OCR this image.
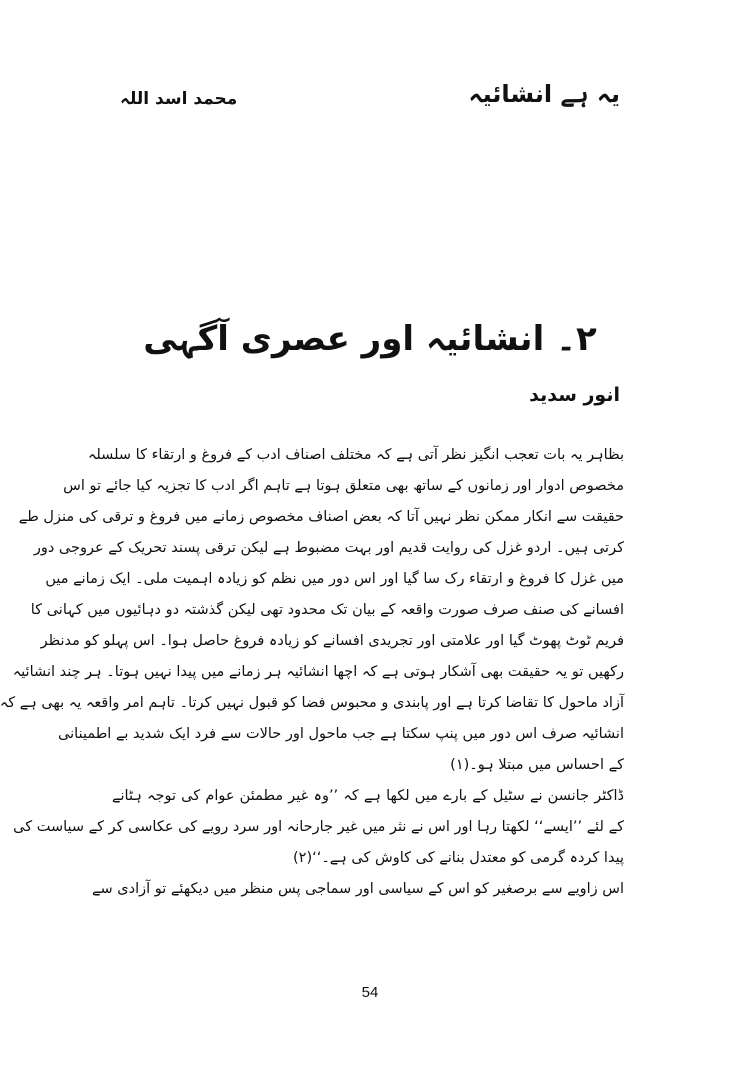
یہ ہے انشائیہ
محمد اسد اللہ
۲۔ انشائیہ اور عصری آگہی
انور سدید
بظاہر یہ بات تعجب انگیز نظر آتی ہے کہ مختلف اصناف ادب کے فروغ و ارتقاء کا سلسلہ
مخصوص ادوار اور زمانوں کے ساتھ بھی متعلق ہوتا ہے تاہم اگر ادب کا تجزیہ کیا جائے تو اس
حقیقت سے انکار ممکن نظر نہیں آتا کہ بعض اصناف مخصوص زمانے میں فروغ و ترقی کی منزل طے
کرتی ہیں۔ اردو غزل کی روایت قدیم اور بہت مضبوط ہے لیکن ترقی پسند تحریک کے عروجی دور
میں غزل کا فروغ و ارتقاء رک سا گیا اور اس دور میں نظم کو زیادہ اہمیت ملی۔ ایک زمانے میں
افسانے کی صنف صرف صورت واقعہ کے بیان تک محدود تھی لیکن گذشتہ دو دہائیوں میں کہانی کا
فریم ٹوٹ پھوٹ گیا اور علامتی اور تجریدی افسانے کو زیادہ فروغ حاصل ہوا۔ اس پہلو کو مدنظر
رکھیں تو یہ حقیقت بھی آشکار ہوتی ہے کہ اچھا انشائیہ ہر زمانے میں پیدا نہیں ہوتا۔ ہر چند انشائیہ
آزاد ماحول کا تقاضا کرتا ہے اور پابندی و محبوس فضا کو قبول نہیں کرتا۔ تاہم امر واقعہ یہ بھی ہے کہ
انشائیہ صرف اس دور میں پنپ سکتا ہے جب ماحول اور حالات سے فرد ایک شدید بے اطمینانی
کے احساس میں مبتلا ہو۔(۱)
ڈاکٹر جانسن نے سٹیل کے بارے میں لکھا ہے کہ ’’وہ غیر مطمئن عوام کی توجہ ہٹانے
کے لئے ’’ایسے‘‘ لکھتا رہا اور اس نے نثر میں غیر جارحانہ اور سرد رویے کی عکاسی کر کے سیاست کی
پیدا کردہ گرمی کو معتدل بنانے کی کاوش کی ہے۔‘‘(۲)
اس زاویے سے برصغیر کو اس کے سیاسی اور سماجی پس منظر میں دیکھئے تو آزادی سے
54
